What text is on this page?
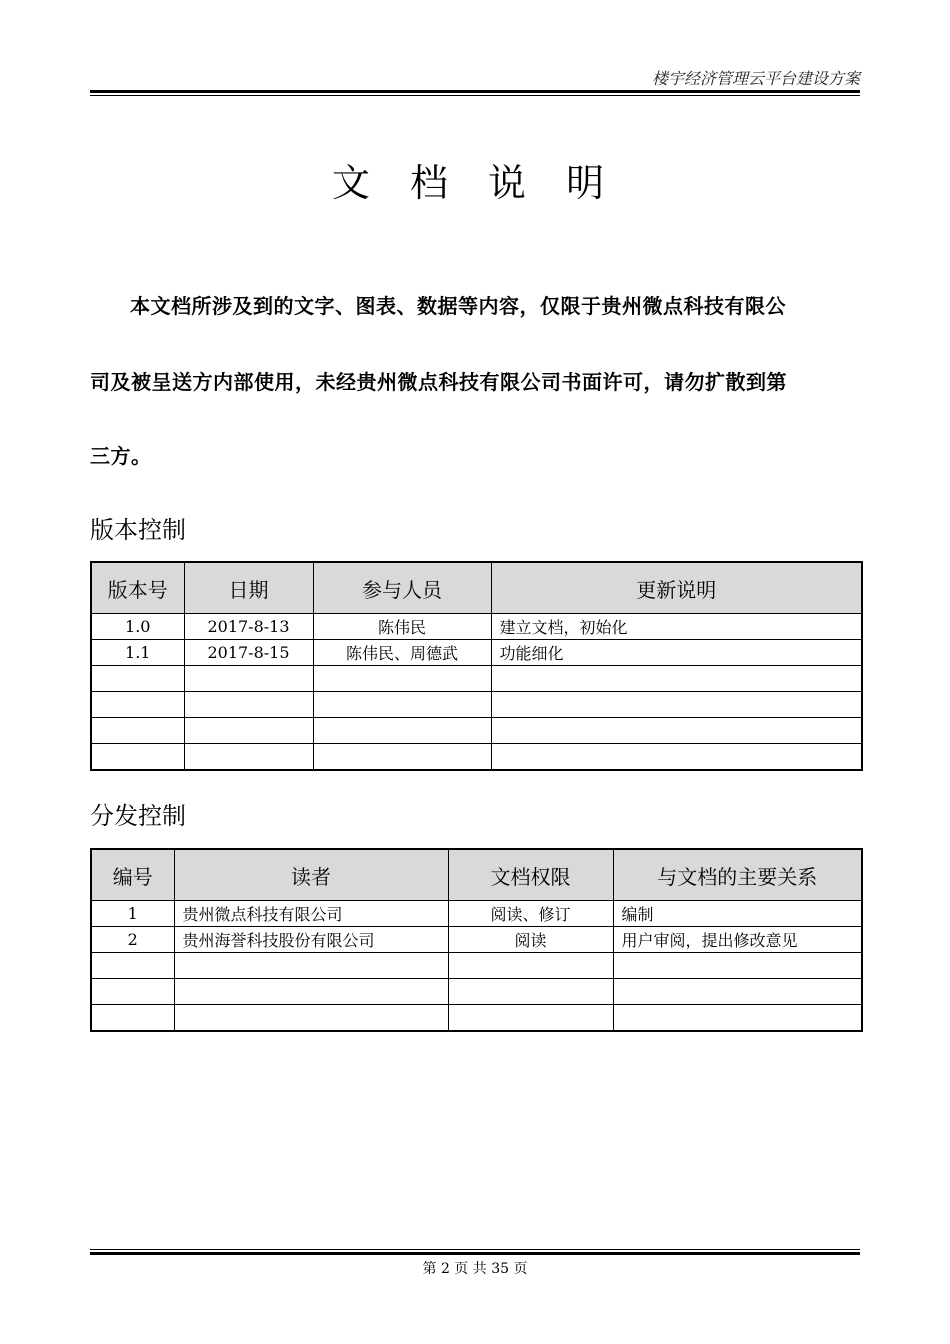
楼宇经济管理云平台建设方案
文 档 说 明
本文档所涉及到的文字、图表、数据等内容，仅限于贵州微点科技有限公
司及被呈送方内部使用，未经贵州微点科技有限公司书面许可，请勿扩散到第
三方。
版本控制
版本号	日期	参与人员	更新说明
1.0	2017-8-13	陈伟民	建立文档，初始化
1.1	2017-8-15	陈伟民、周德武	功能细化

分发控制
编号	读者	文档权限	与文档的主要关系
1	贵州微点科技有限公司	阅读、修订	编制
2	贵州海誉科技股份有限公司	阅读	用户审阅，提出修改意见

第 2 页 共 35 页
